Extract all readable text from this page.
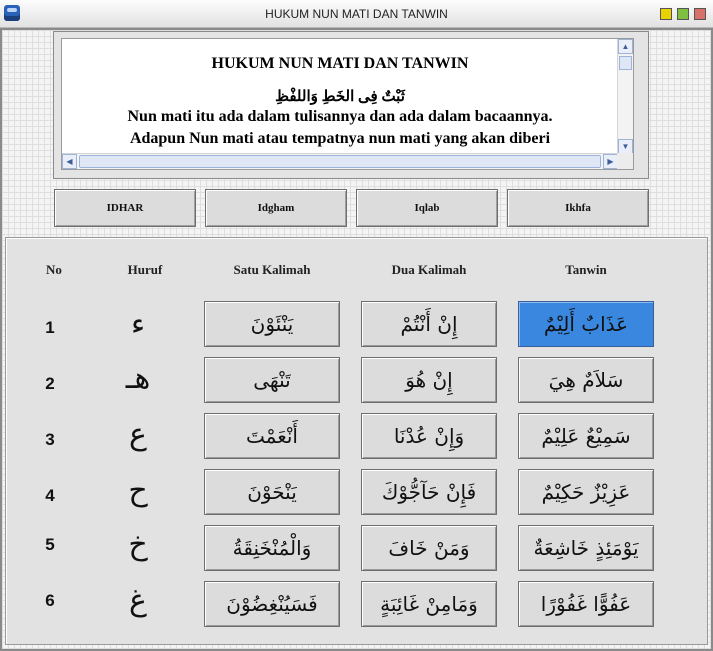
HUKUM NUN MATI DAN TANWIN
HUKUM NUN MATI DAN TANWIN
ثَبْتٌ فِى الخَطِ وَاللفْظِ
Nun mati itu ada dalam tulisannya dan ada dalam bacaannya.
Adapun Nun mati atau tempatnya nun mati yang akan diberi
▲
▼
◀	▶
IDHAR	Idgham	Iqlab	Ikhfa
No	Huruf	Satu Kalimah	Dua Kalimah	Tanwin
1	ء	يَنْئَوْنَ	إِنْ أَنْتُمْ	عَذَابٌ أَلِيْمٌ
2	هـ	تَنْهَى	إِنْ هُوَ	سَلاَمٌ هِيَ
3	ع	أَنْعَمْتَ	وَإِنْ عُدْنَا	سَمِيْعٌ عَلِيْمٌ
4	ح	يَنْحَوْنَ	فَإِنْ حَآجُّوْكَ	عَزِيْزٌ حَكِيْمٌ
5	خ	وَالْمُنْخَنِقَةُ	وَمَنْ خَافَ	يَوْمَئِذٍ خَاشِعَةٌ
6	غ	فَسَيُنْغِضُوْنَ	وَمَامِنْ غَائِبَةٍ	عَفُوًّا غَفُوْرًا
